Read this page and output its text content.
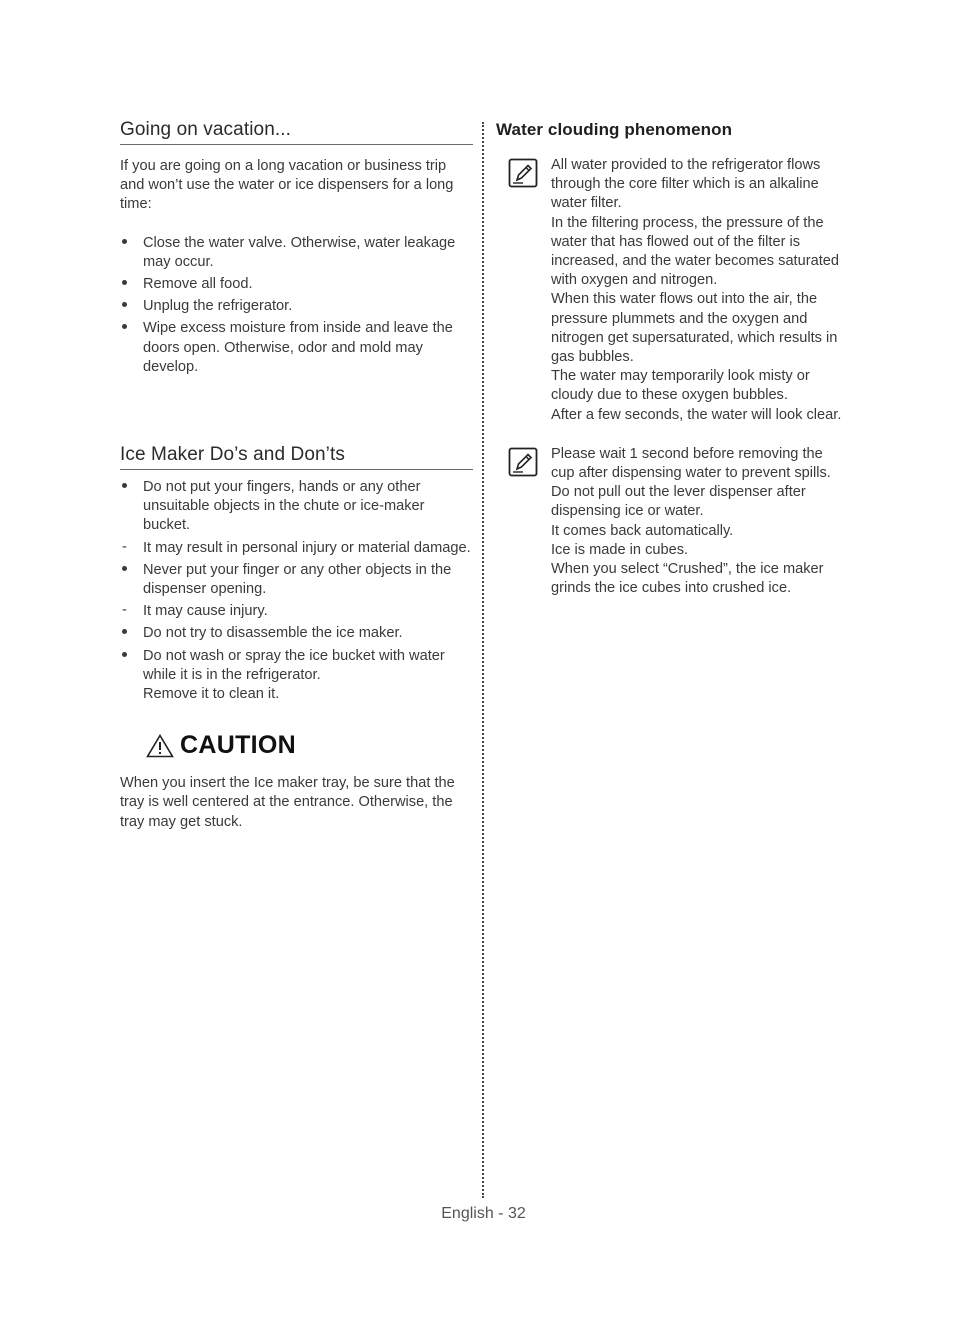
Going on vacation...

If you are going on a long vacation or business trip and won’t use the water or ice dispensers for a long time:

Close the water valve. Otherwise, water leakage may occur.
Remove all food.
Unplug the refrigerator.
Wipe excess moisture from inside and leave the doors open. Otherwise, odor and mold may develop.
Ice Maker Do’s and Don’ts
Do not put your fingers, hands or any other unsuitable objects in the chute or ice-maker bucket.
-	It may result in personal injury or material damage.
Never put your finger or any other objects in the dispenser opening.
-	It may cause injury.
Do not try to disassemble the ice maker.
Do not wash or spray the ice bucket with water while it is in the refrigerator.
Remove it to clean it.
CAUTION

When you insert the Ice maker tray, be sure that the tray is well centered at the entrance. Otherwise, the tray may get stuck.

Water clouding phenomenon

All water provided to the refrigerator flows through the core filter which is an alkaline water filter.

In the filtering process, the pressure of the water that has flowed out of the filter is increased, and the water becomes saturated with oxygen and nitrogen.

When this water flows out into the air, the pressure plummets and the oxygen and nitrogen get supersaturated, which results in gas bubbles.

The water may temporarily look misty or cloudy due to these oxygen bubbles.

After a few seconds, the water will look clear.

Please wait 1 second before removing the cup after dispensing water to prevent spills.

Do not pull out the lever dispenser after dispensing ice or water.

It comes back automatically.

Ice is made in cubes.

When you select “Crushed”, the ice maker grinds the ice cubes into crushed ice.

English - 32
